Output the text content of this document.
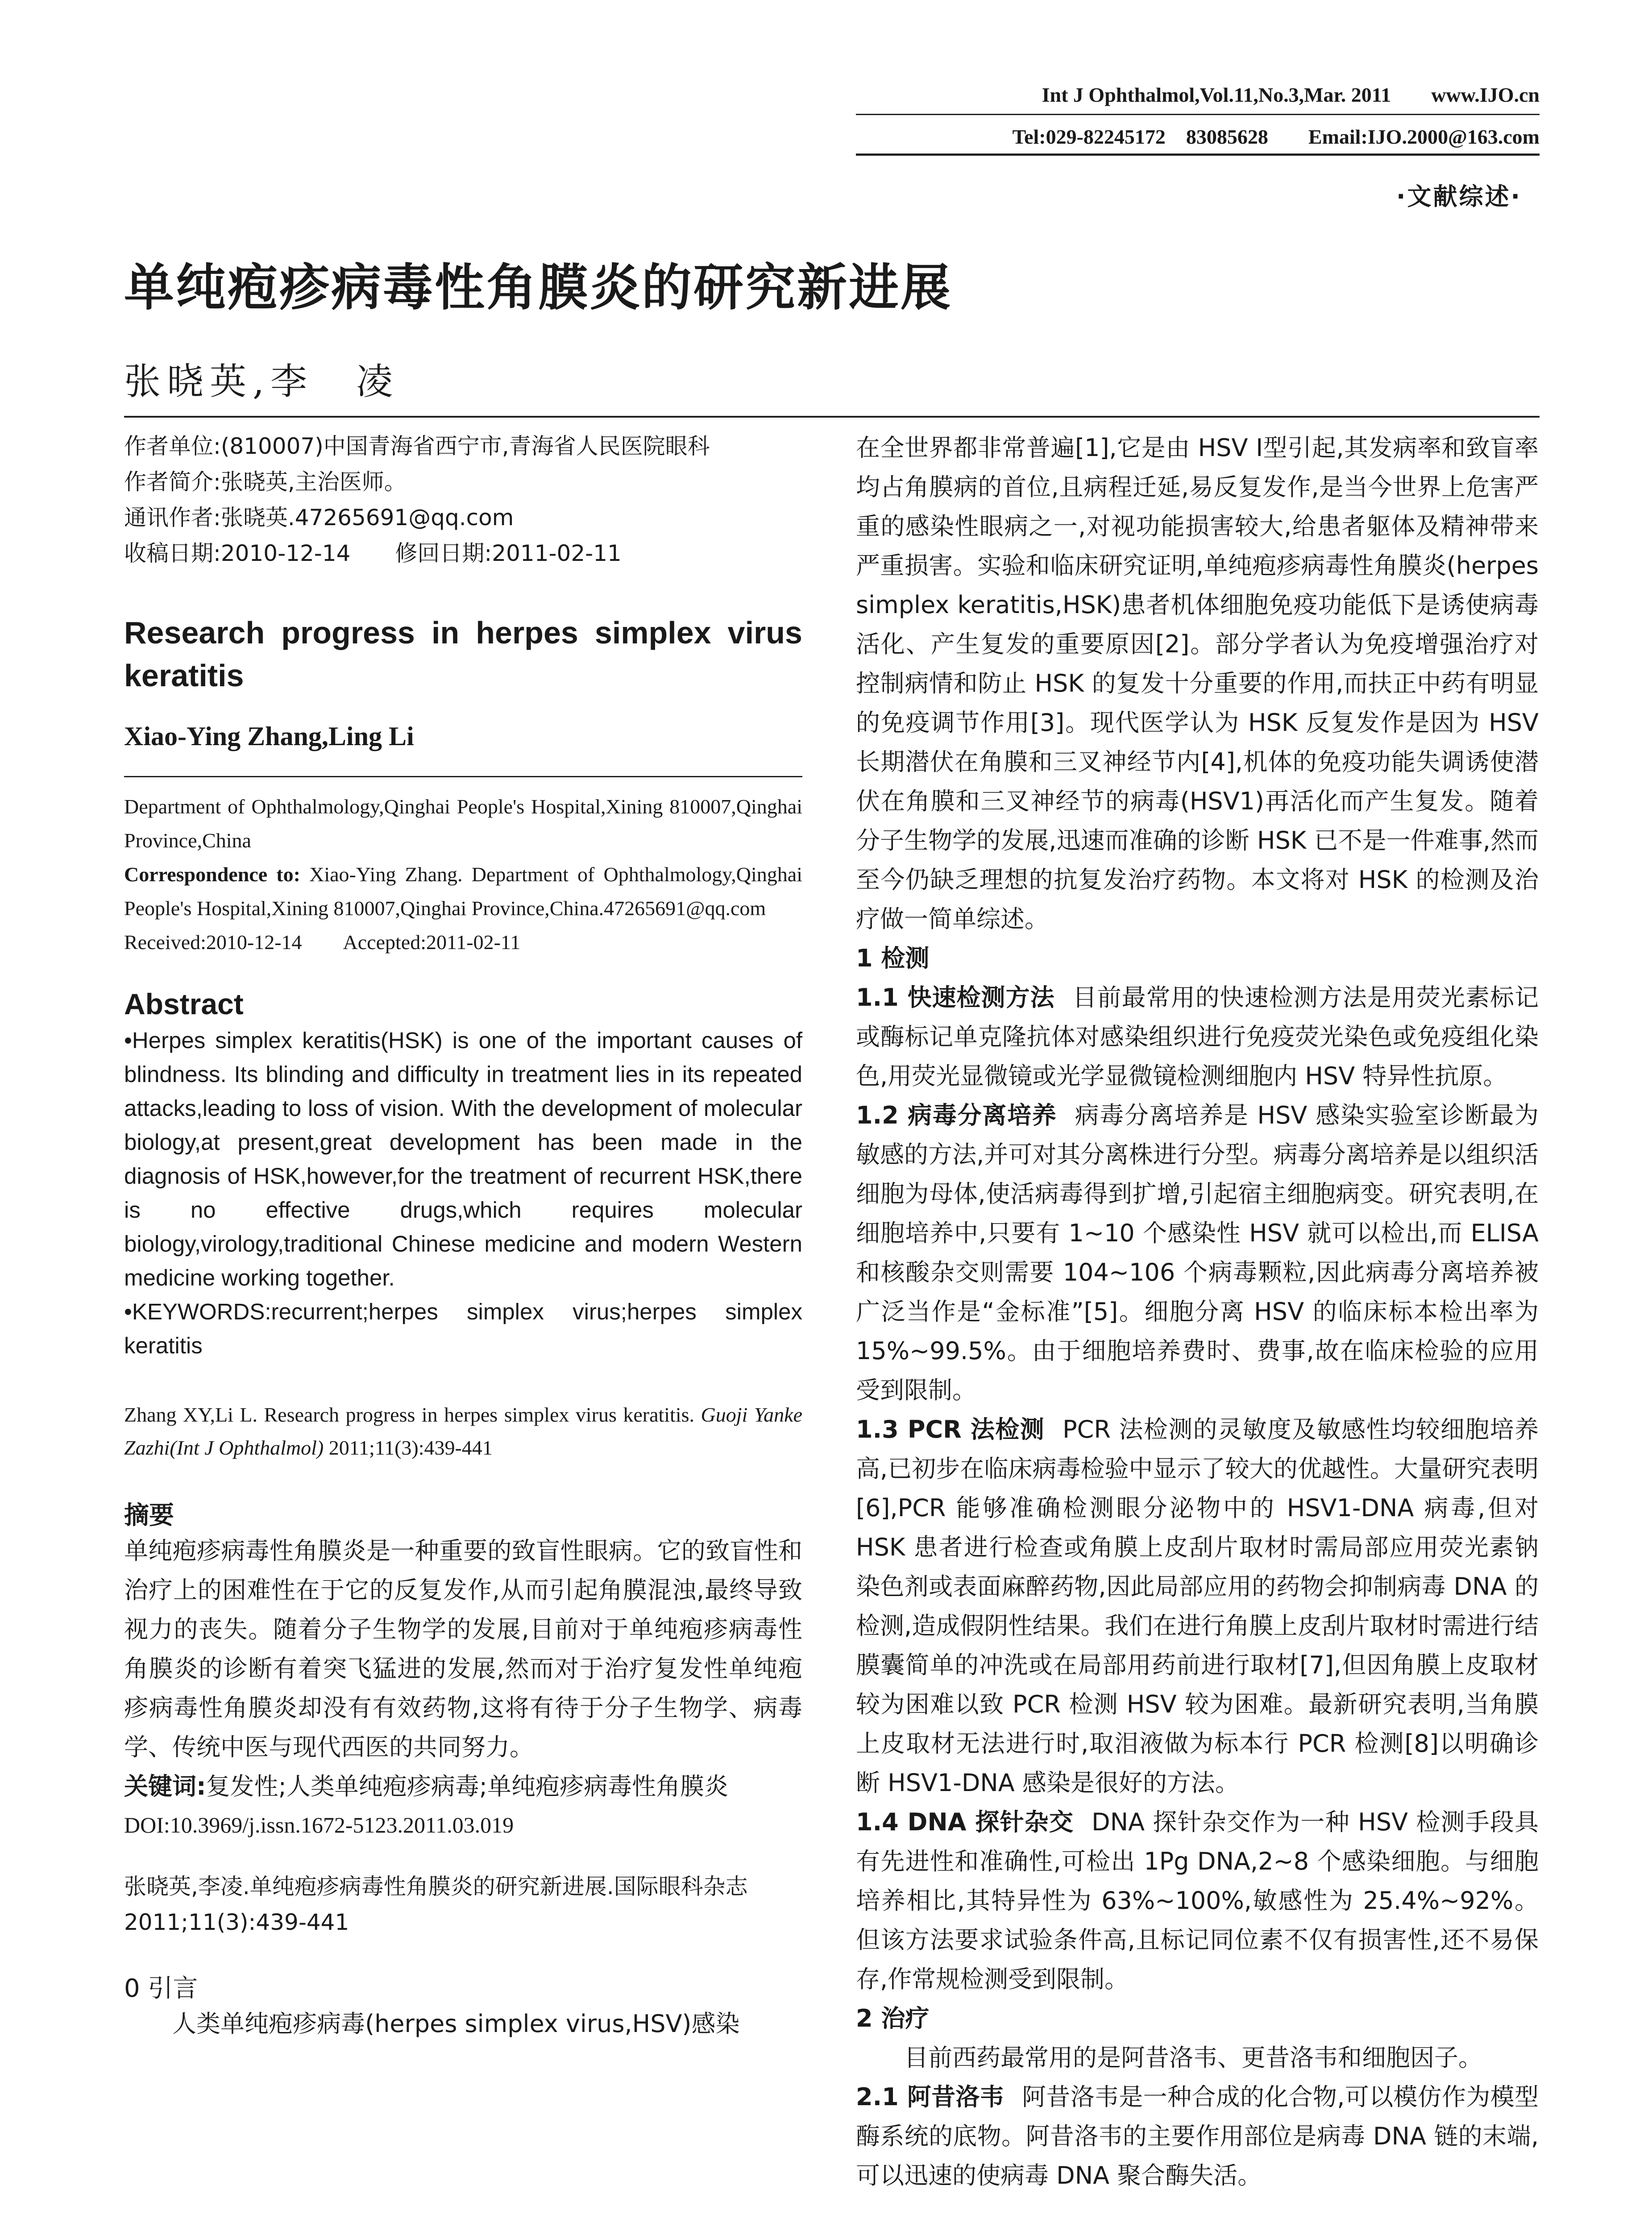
Int J Ophthalmol,Vol.11,No.3,Mar. 2011 www.IJO.cn
Tel:029-82245172　83085628 Email:IJO.2000@163.com
·文献综述·
单纯疱疹病毒性角膜炎的研究新进展
张晓英,李　凌

作者单位:(810007)中国青海省西宁市,青海省人民医院眼科

作者简介:张晓英,主治医师。

通讯作者:张晓英.47265691@qq.com

收稿日期:2010-12-14　　修回日期:2011-02-11

Research progress in herpes simplex virus keratitis

Xiao-Ying Zhang,Ling Li

Department of Ophthalmology,Qinghai People's Hospital,Xining 810007,Qinghai Province,China

Correspondence to: Xiao-Ying Zhang. Department of Ophthalmology,Qinghai People's Hospital,Xining 810007,Qinghai Province,China.47265691@qq.com

Received:2010-12-14　　Accepted:2011-02-11

Abstract

•Herpes simplex keratitis(HSK) is one of the important causes of blindness. Its blinding and difficulty in treatment lies in its repeated attacks,leading to loss of vision. With the development of molecular biology,at present,great development has been made in the diagnosis of HSK,however,for the treatment of recurrent HSK,there is no effective drugs,which requires molecular biology,virology,traditional Chinese medicine and modern Western medicine working together.

•KEYWORDS:recurrent;herpes simplex virus;herpes simplex keratitis

Zhang XY,Li L. Research progress in herpes simplex virus keratitis. Guoji Yanke Zazhi(Int J Ophthalmol) 2011;11(3):439-441

摘要

单纯疱疹病毒性角膜炎是一种重要的致盲性眼病。它的致盲性和治疗上的困难性在于它的反复发作,从而引起角膜混浊,最终导致视力的丧失。随着分子生物学的发展,目前对于单纯疱疹病毒性角膜炎的诊断有着突飞猛进的发展,然而对于治疗复发性单纯疱疹病毒性角膜炎却没有有效药物,这将有待于分子生物学、病毒学、传统中医与现代西医的共同努力。

关键词:复发性;人类单纯疱疹病毒;单纯疱疹病毒性角膜炎

DOI:10.3969/j.issn.1672-5123.2011.03.019

张晓英,李凌.单纯疱疹病毒性角膜炎的研究新进展.国际眼科杂志 2011;11(3):439-441

0 引言

人类单纯疱疹病毒(herpes simplex virus,HSV)感染

在全世界都非常普遍[1],它是由 HSV Ⅰ型引起,其发病率和致盲率均占角膜病的首位,且病程迁延,易反复发作,是当今世界上危害严重的感染性眼病之一,对视功能损害较大,给患者躯体及精神带来严重损害。实验和临床研究证明,单纯疱疹病毒性角膜炎(herpes simplex keratitis,HSK)患者机体细胞免疫功能低下是诱使病毒活化、产生复发的重要原因[2]。部分学者认为免疫增强治疗对控制病情和防止 HSK 的复发十分重要的作用,而扶正中药有明显的免疫调节作用[3]。现代医学认为 HSK 反复发作是因为 HSV 长期潜伏在角膜和三叉神经节内[4],机体的免疫功能失调诱使潜伏在角膜和三叉神经节的病毒(HSV1)再活化而产生复发。随着分子生物学的发展,迅速而准确的诊断 HSK 已不是一件难事,然而至今仍缺乏理想的抗复发治疗药物。本文将对 HSK 的检测及治疗做一简单综述。

1 检测

1.1 快速检测方法 目前最常用的快速检测方法是用荧光素标记或酶标记单克隆抗体对感染组织进行免疫荧光染色或免疫组化染色,用荧光显微镜或光学显微镜检测细胞内 HSV 特异性抗原。

1.2 病毒分离培养 病毒分离培养是 HSV 感染实验室诊断最为敏感的方法,并可对其分离株进行分型。病毒分离培养是以组织活细胞为母体,使活病毒得到扩增,引起宿主细胞病变。研究表明,在细胞培养中,只要有 1~10 个感染性 HSV 就可以检出,而 ELISA 和核酸杂交则需要 104~106 个病毒颗粒,因此病毒分离培养被广泛当作是“金标准”[5]。细胞分离 HSV 的临床标本检出率为 15%~99.5%。由于细胞培养费时、费事,故在临床检验的应用受到限制。

1.3 PCR 法检测 PCR 法检测的灵敏度及敏感性均较细胞培养高,已初步在临床病毒检验中显示了较大的优越性。大量研究表明[6],PCR 能够准确检测眼分泌物中的 HSV1-DNA 病毒,但对 HSK 患者进行检查或角膜上皮刮片取材时需局部应用荧光素钠染色剂或表面麻醉药物,因此局部应用的药物会抑制病毒 DNA 的检测,造成假阴性结果。我们在进行角膜上皮刮片取材时需进行结膜囊简单的冲洗或在局部用药前进行取材[7],但因角膜上皮取材较为困难以致 PCR 检测 HSV 较为困难。最新研究表明,当角膜上皮取材无法进行时,取泪液做为标本行 PCR 检测[8]以明确诊断 HSV1-DNA 感染是很好的方法。

1.4 DNA 探针杂交 DNA 探针杂交作为一种 HSV 检测手段具有先进性和准确性,可检出 1Pg DNA,2~8 个感染细胞。与细胞培养相比,其特异性为 63%~100%,敏感性为 25.4%~92%。但该方法要求试验条件高,且标记同位素不仅有损害性,还不易保存,作常规检测受到限制。

2 治疗

目前西药最常用的是阿昔洛韦、更昔洛韦和细胞因子。

2.1 阿昔洛韦 阿昔洛韦是一种合成的化合物,可以模仿作为模型酶系统的底物。阿昔洛韦的主要作用部位是病毒 DNA 链的末端,可以迅速的使病毒 DNA 聚合酶失活。
